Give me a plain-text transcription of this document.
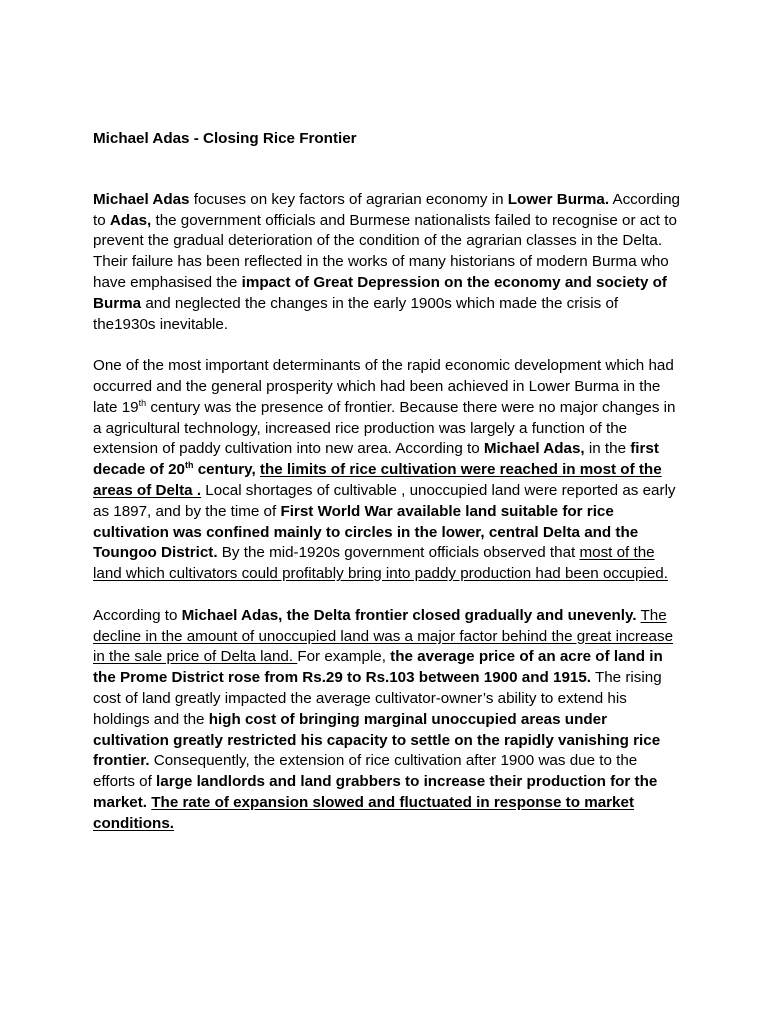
Michael Adas - Closing Rice Frontier

Michael Adas focuses on key factors of agrarian economy in Lower Burma. According to Adas, the government officials and Burmese nationalists failed to recognise or act to prevent the gradual deterioration of the condition of the agrarian classes in the Delta. Their failure has been reflected in the works of many historians of modern Burma who have emphasised the impact of Great Depression on the economy and society of Burma and neglected the changes in the early 1900s which made the crisis of the1930s inevitable.

One of the most important determinants of the rapid economic development which had occurred and the general prosperity which had been achieved in Lower Burma in the late 19th century was the presence of frontier. Because there were no major changes in a agricultural technology, increased rice production was largely a function of the extension of paddy cultivation into new area. According to Michael Adas, in the first decade of 20th century, the limits of rice cultivation were reached in most of the areas of Delta . Local shortages of cultivable , unoccupied land were reported as early as 1897, and by the time of First World War available land suitable for rice cultivation was confined mainly to circles in the lower, central Delta and the Toungoo District. By the mid-1920s government officials observed that most of the land which cultivators could profitably bring into paddy production had been occupied.

According to Michael Adas, the Delta frontier closed gradually and unevenly. The decline in the amount of unoccupied land was a major factor behind the great increase in the sale price of Delta land. For example, the average price of an acre of land in the Prome District rose from Rs.29 to Rs.103 between 1900 and 1915. The rising cost of land greatly impacted the average cultivator-owner’s ability to extend his holdings and the high cost of bringing marginal unoccupied areas under cultivation greatly restricted his capacity to settle on the rapidly vanishing rice frontier. Consequently, the extension of rice cultivation after 1900 was due to the efforts of large landlords and land grabbers to increase their production for the market. The rate of expansion slowed and fluctuated in response to market conditions.
